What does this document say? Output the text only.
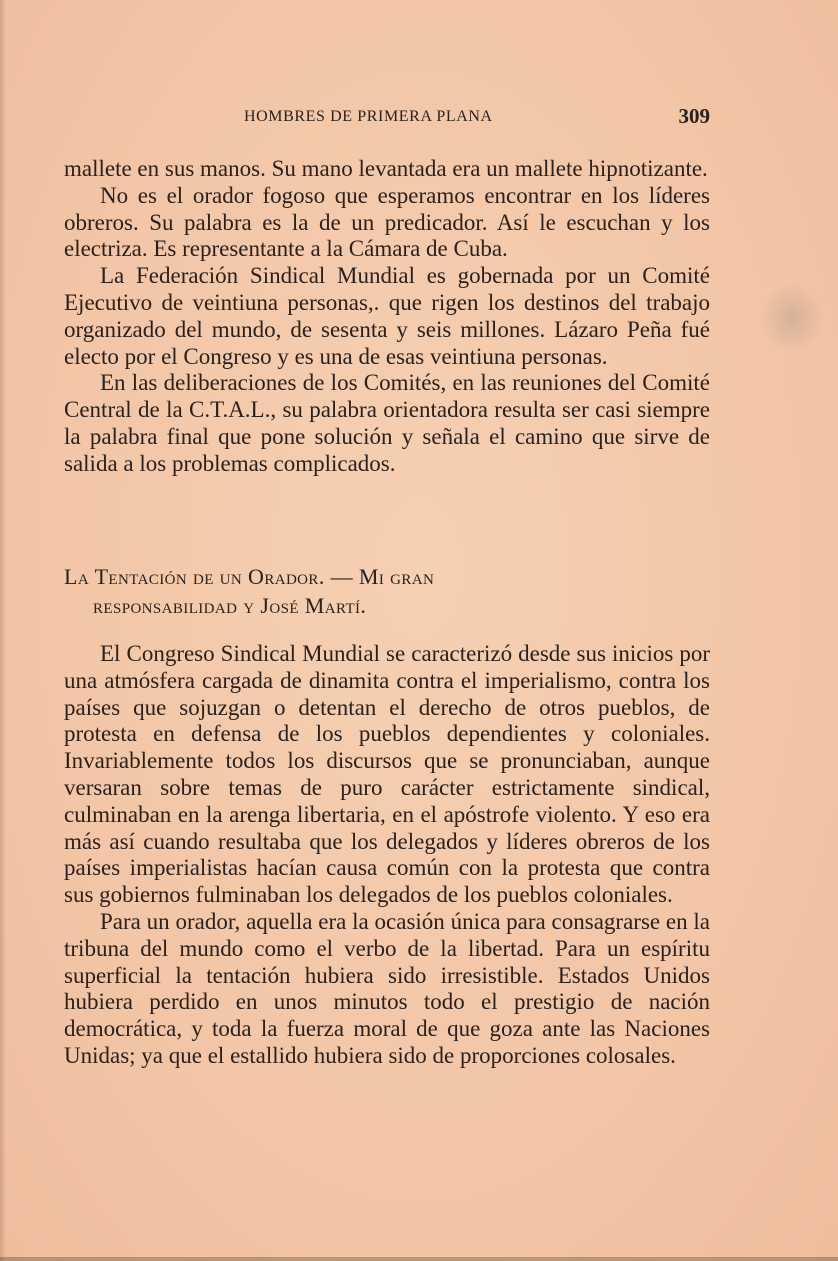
HOMBRES DE PRIMERA PLANA	309

mallete en sus manos. Su mano levantada era un mallete hipnotizante.

No es el orador fogoso que esperamos encontrar en los líderes obreros. Su palabra es la de un predicador. Así le escuchan y los electriza. Es representante a la Cámara de Cuba.

La Federación Sindical Mundial es gobernada por un Comité Ejecutivo de veintiuna personas,. que rigen los destinos del trabajo organizado del mundo, de sesenta y seis millones. Lázaro Peña fué electo por el Congreso y es una de esas veintiuna personas.

En las deliberaciones de los Comités, en las reuniones del Comité Central de la C.T.A.L., su palabra orientadora resulta ser casi siempre la palabra final que pone solución y señala el camino que sirve de salida a los problemas complicados.

La Tentación de un Orador. — Mi gran
responsabilidad y José Martí.

El Congreso Sindical Mundial se caracterizó desde sus inicios por una atmósfera cargada de dinamita contra el imperialismo, contra los países que sojuzgan o detentan el derecho de otros pueblos, de protesta en defensa de los pueblos dependientes y coloniales. Invariablemente todos los discursos que se pronunciaban, aunque versaran sobre temas de puro carácter estrictamente sindical, culminaban en la arenga libertaria, en el apóstrofe violento. Y eso era más así cuando resultaba que los delegados y líderes obreros de los países imperialistas hacían causa común con la protesta que contra sus gobiernos fulminaban los delegados de los pueblos coloniales.

Para un orador, aquella era la ocasión única para consagrarse en la tribuna del mundo como el verbo de la libertad. Para un espíritu superficial la tentación hubiera sido irresistible. Estados Unidos hubiera perdido en unos minutos todo el prestigio de nación democrática, y toda la fuerza moral de que goza ante las Naciones Unidas; ya que el estallido hubiera sido de proporciones colosales.
